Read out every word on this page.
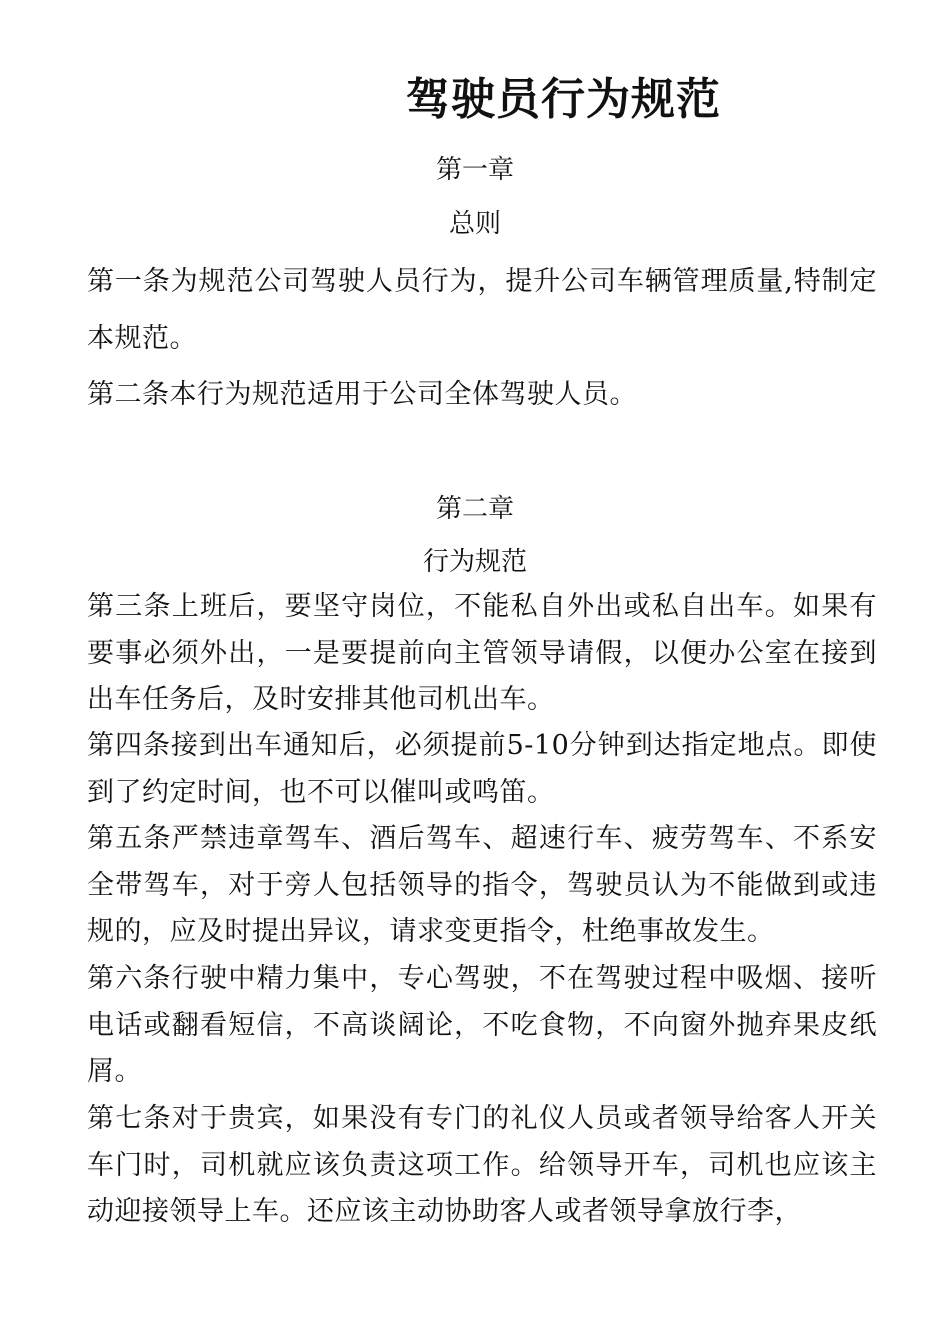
驾驶员行为规范
第一章
总则

第一条为规范公司驾驶人员行为，提升公司车辆管理质量,特制定本规范。

第二条本行为规范适用于公司全体驾驶人员。

第二章
行为规范

第三条上班后，要坚守岗位，不能私自外出或私自出车。如果有要事必须外出，一是要提前向主管领导请假，以便办公室在接到出车任务后，及时安排其他司机出车。

第四条接到出车通知后，必须提前5-10分钟到达指定地点。即使到了约定时间，也不可以催叫或鸣笛。

第五条严禁违章驾车、酒后驾车、超速行车、疲劳驾车、不系安全带驾车，对于旁人包括领导的指令，驾驶员认为不能做到或违规的，应及时提出异议，请求变更指令，杜绝事故发生。

第六条行驶中精力集中，专心驾驶，不在驾驶过程中吸烟、接听电话或翻看短信，不高谈阔论，不吃食物，不向窗外抛弃果皮纸屑。

第七条对于贵宾，如果没有专门的礼仪人员或者领导给客人开关车门时，司机就应该负责这项工作。给领导开车，司机也应该主动迎接领导上车。还应该主动协助客人或者领导拿放行李，
